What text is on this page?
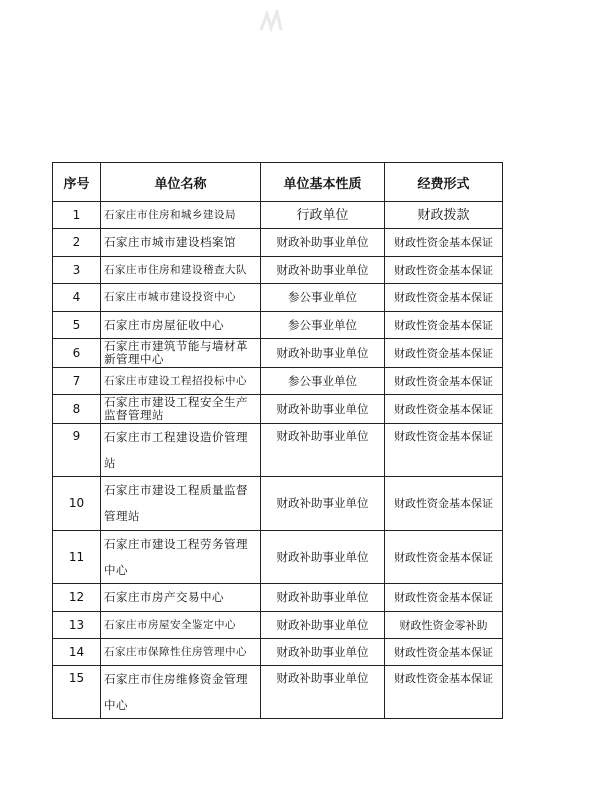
序号	单位名称	单位基本性质	经费形式
1	石家庄市住房和城乡建设局	行政单位	财政拨款
2	石家庄市城市建设档案馆	财政补助事业单位	财政性资金基本保证
3	石家庄市住房和建设稽查大队	财政补助事业单位	财政性资金基本保证
4	石家庄市城市建设投资中心	参公事业单位	财政性资金基本保证
5	石家庄市房屋征收中心	参公事业单位	财政性资金基本保证
6	石家庄市建筑节能与墙材革新管理中心	财政补助事业单位	财政性资金基本保证
7	石家庄市建设工程招投标中心	参公事业单位	财政性资金基本保证
8	石家庄市建设工程安全生产监督管理站	财政补助事业单位	财政性资金基本保证
9	石家庄市工程建设造价管理站	财政补助事业单位	财政性资金基本保证
10	石家庄市建设工程质量监督管理站	财政补助事业单位	财政性资金基本保证
11	石家庄市建设工程劳务管理中心	财政补助事业单位	财政性资金基本保证
12	石家庄市房产交易中心	财政补助事业单位	财政性资金基本保证
13	石家庄市房屋安全鉴定中心	财政补助事业单位	财政性资金零补助
14	石家庄市保障性住房管理中心	财政补助事业单位	财政性资金基本保证
15	石家庄市住房维修资金管理中心	财政补助事业单位	财政性资金基本保证
